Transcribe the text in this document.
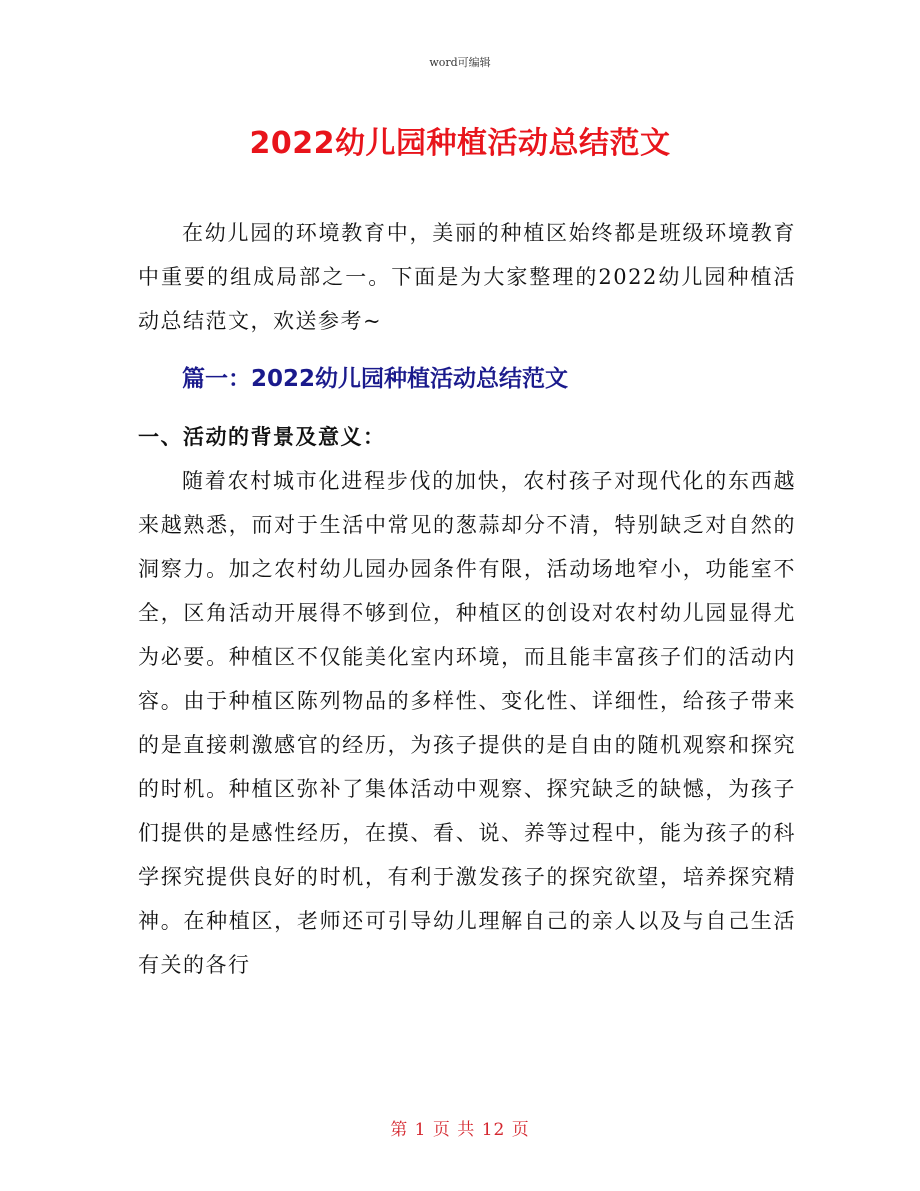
word可编辑
2022幼儿园种植活动总结范文

在幼儿园的环境教育中，美丽的种植区始终都是班级环境教育中重要的组成局部之一。下面是为大家整理的2022幼儿园种植活动总结范文，欢送参考~

篇一：2022幼儿园种植活动总结范文
一、活动的背景及意义：

随着农村城市化进程步伐的加快，农村孩子对现代化的东西越来越熟悉，而对于生活中常见的葱蒜却分不清，特别缺乏对自然的洞察力。加之农村幼儿园办园条件有限，活动场地窄小，功能室不全，区角活动开展得不够到位，种植区的创设对农村幼儿园显得尤为必要。种植区不仅能美化室内环境，而且能丰富孩子们的活动内容。由于种植区陈列物品的多样性、变化性、详细性，给孩子带来的是直接刺激感官的经历，为孩子提供的是自由的随机观察和探究的时机。种植区弥补了集体活动中观察、探究缺乏的缺憾，为孩子们提供的是感性经历，在摸、看、说、养等过程中，能为孩子的科学探究提供良好的时机，有利于激发孩子的探究欲望，培养探究精神。在种植区，老师还可引导幼儿理解自己的亲人以及与自己生活有关的各行

第 1 页 共 12 页
